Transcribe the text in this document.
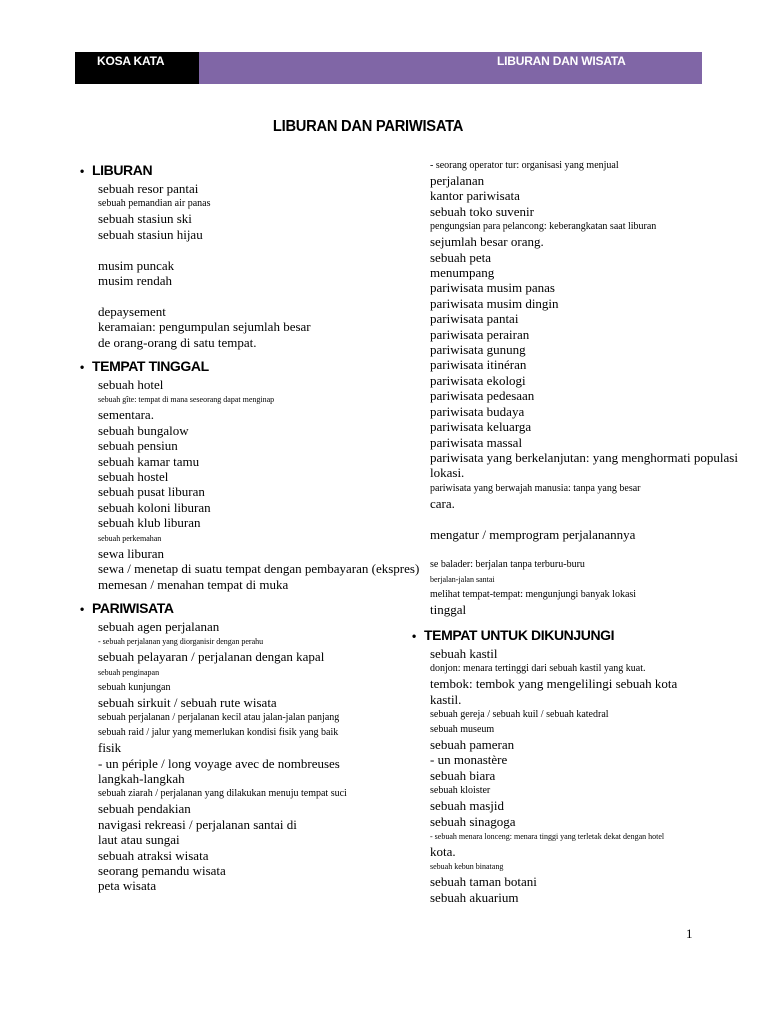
KOSA KATA	LIBURAN DAN WISATA
LIBURAN DAN PARIWISATA
• LIBURAN
sebuah resor pantai
sebuah pemandian air panas
sebuah stasiun ski
sebuah stasiun hijau
musim puncak
musim rendah
depaysement
keramaian: pengumpulan sejumlah besar
de orang-orang di satu tempat.
• TEMPAT TINGGAL
sebuah hotel
sebuah gîte: tempat di mana seseorang dapat menginap
sementara.
sebuah bungalow
sebuah pensiun
sebuah kamar tamu
sebuah hostel
sebuah pusat liburan
sebuah koloni liburan
sebuah klub liburan
sebuah perkemahan
sewa liburan
sewa / menetap di suatu tempat dengan pembayaran (ekspres)
memesan / menahan tempat di muka
• PARIWISATA
sebuah agen perjalanan
- sebuah perjalanan yang diorganisir dengan perahu
sebuah pelayaran / perjalanan dengan kapal
sebuah penginapan
sebuah kunjungan
sebuah sirkuit / sebuah rute wisata
sebuah perjalanan / perjalanan kecil atau jalan-jalan panjang
sebuah raid / jalur yang memerlukan kondisi fisik yang baik
fisik
- un périple / long voyage avec de nombreuses
langkah-langkah
sebuah ziarah / perjalanan yang dilakukan menuju tempat suci
sebuah pendakian
navigasi rekreasi / perjalanan santai di
laut atau sungai
sebuah atraksi wisata
seorang pemandu wisata
peta wisata
- seorang operator tur: organisasi yang menjual
perjalanan
kantor pariwisata
sebuah toko suvenir
pengungsian para pelancong: keberangkatan saat liburan
sejumlah besar orang.
sebuah peta
menumpang
pariwisata musim panas
pariwisata musim dingin
pariwisata pantai
pariwisata perairan
pariwisata gunung
pariwisata itinéran
pariwisata ekologi
pariwisata pedesaan
pariwisata budaya
pariwisata keluarga
pariwisata massal
pariwisata yang berkelanjutan: yang menghormati populasi
lokasi.
pariwisata yang berwajah manusia: tanpa yang besar
cara.
mengatur / memprogram perjalanannya
se balader: berjalan tanpa terburu-buru
berjalan-jalan santai
melihat tempat-tempat: mengunjungi banyak lokasi
tinggal
• TEMPAT UNTUK DIKUNJUNGI
sebuah kastil
donjon: menara tertinggi dari sebuah kastil yang kuat.
tembok: tembok yang mengelilingi sebuah kota
kastil.
sebuah gereja / sebuah kuil / sebuah katedral
sebuah museum
sebuah pameran
- un monastère
sebuah biara
sebuah kloister
sebuah masjid
sebuah sinagoga
- sebuah menara lonceng: menara tinggi yang terletak dekat dengan hotel
kota.
sebuah kebun binatang
sebuah taman botani
sebuah akuarium
1
